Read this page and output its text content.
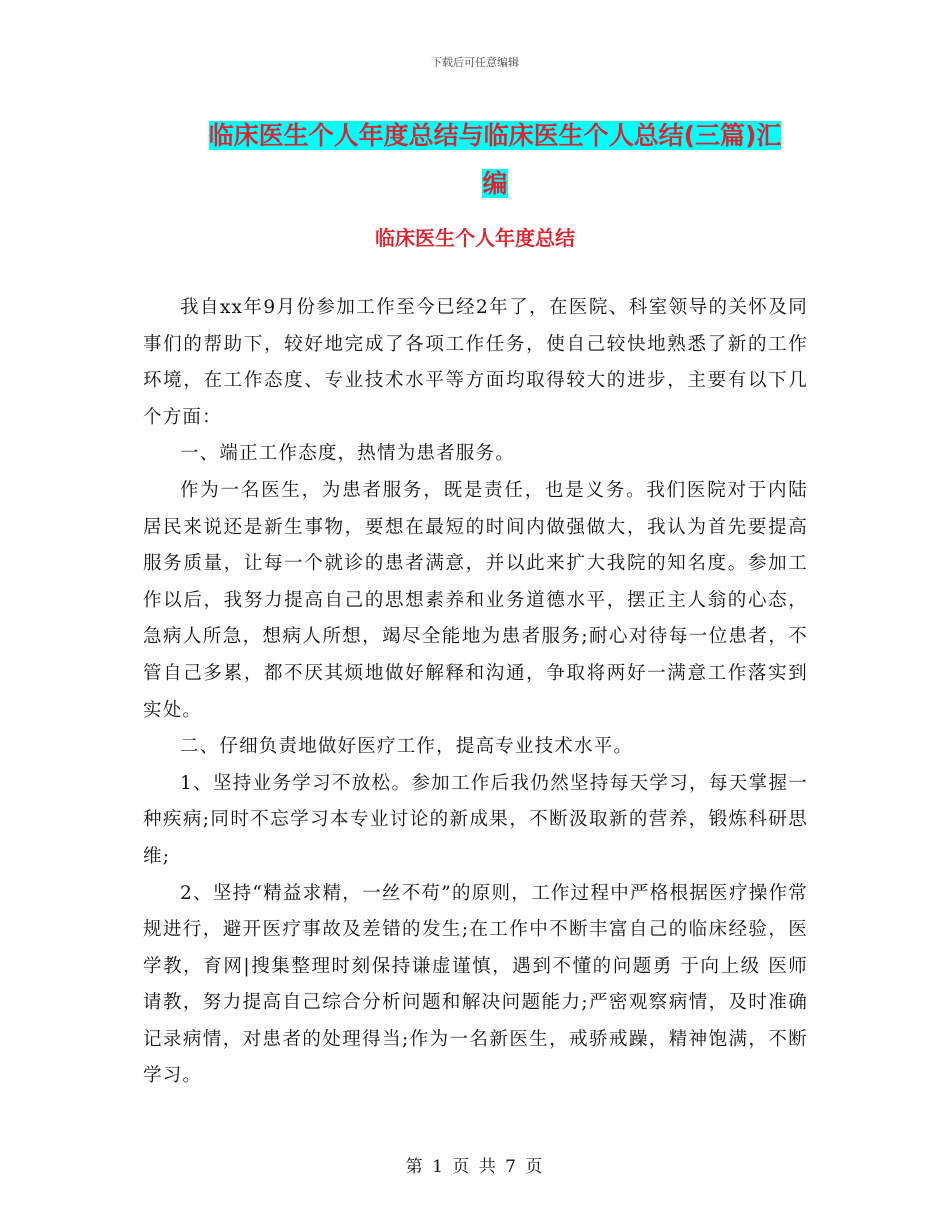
下载后可任意编辑
临床医生个人年度总结与临床医生个人总结(三篇)汇
编
临床医生个人年度总结

我自xx年9月份参加工作至今已经2年了，在医院、科室领导的关怀及同事们的帮助下，较好地完成了各项工作任务，使自己较快地熟悉了新的工作环境，在工作态度、专业技术水平等方面均取得较大的进步，主要有以下几个方面：

一、端正工作态度，热情为患者服务。

作为一名医生，为患者服务，既是责任，也是义务。我们医院对于内陆居民来说还是新生事物，要想在最短的时间内做强做大，我认为首先要提高服务质量，让每一个就诊的患者满意，并以此来扩大我院的知名度。参加工作以后，我努力提高自己的思想素养和业务道德水平，摆正主人翁的心态，急病人所急，想病人所想，竭尽全能地为患者服务;耐心对待每一位患者，不管自己多累，都不厌其烦地做好解释和沟通，争取将两好一满意工作落实到实处。

二、仔细负责地做好医疗工作，提高专业技术水平。

1、坚持业务学习不放松。参加工作后我仍然坚持每天学习，每天掌握一种疾病;同时不忘学习本专业讨论的新成果，不断汲取新的营养，锻炼科研思维;

2、坚持“精益求精，一丝不苟”的原则，工作过程中严格根据医疗操作常规进行，避开医疗事故及差错的发生;在工作中不断丰富自己的临床经验，医学教，育网|搜集整理时刻保持谦虚谨慎，遇到不懂的问题勇 于向上级 医师请教，努力提高自己综合分析问题和解决问题能力;严密观察病情，及时准确记录病情，对患者的处理得当;作为一名新医生，戒骄戒躁，精神饱满，不断学习。

第 1 页 共 7 页
